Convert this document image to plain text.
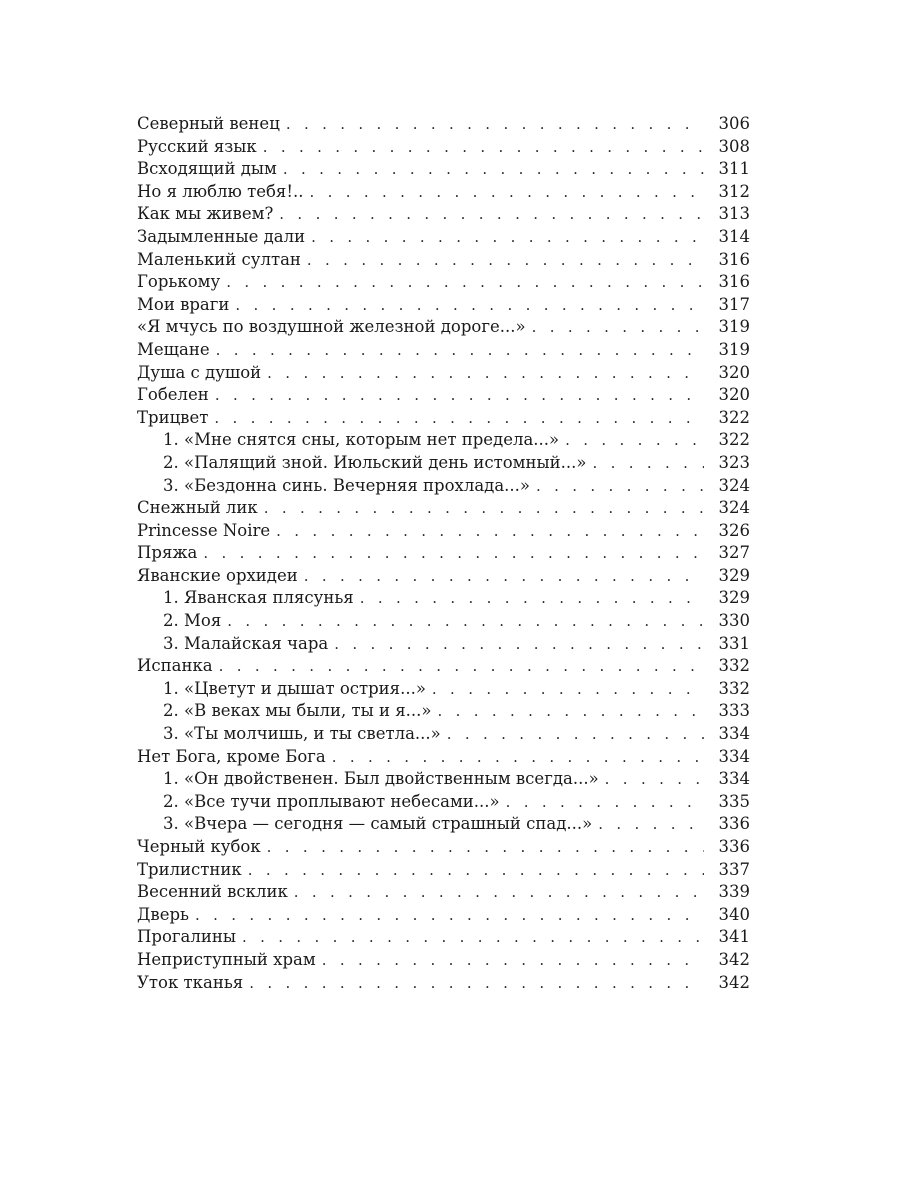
Северный венец . . .	306
Русский язык . . .	308
Всходящий дым . . .	311
Но я люблю тебя!.. . . .	312
Как мы живем? . . .	313
Задымленные дали . . .	314
Маленький султан . . .	316
Горькому . . .	316
Мои враги . . .	317
«Я мчусь по воздушной железной дороге...» . . .	319
Мещане . . .	319
Душа с душой . . .	320
Гобелен . . .	320
Трицвет . . .	322
1. «Мне снятся сны, которым нет предела...» . . .	322
2. «Палящий зной. Июльский день истомный...» . . .	323
3. «Бездонна синь. Вечерняя прохлада...» . . .	324
Снежный лик . . .	324
Princesse Noire . . .	326
Пряжа . . .	327
Яванские орхидеи . . .	329
1. Яванская плясунья . . .	329
2. Моя . . .	330
3. Малайская чара . . .	331
Испанка . . .	332
1. «Цветут и дышат острия...» . . .	332
2. «В веках мы были, ты и я...» . . .	333
3. «Ты молчишь, и ты светла...» . . .	334
Нет Бога, кроме Бога . . .	334
1. «Он двойственен. Был двойственным всегда...» . . .	334
2. «Все тучи проплывают небесами...» . . .	335
3. «Вчера — сегодня — самый страшный спад...» . . .	336
Черный кубок . . .	336
Трилистник . . .	337
Весенний всклик . . .	339
Дверь . . .	340
Прогалины . . .	341
Неприступный храм . . .	342
Уток тканья . . .	342
